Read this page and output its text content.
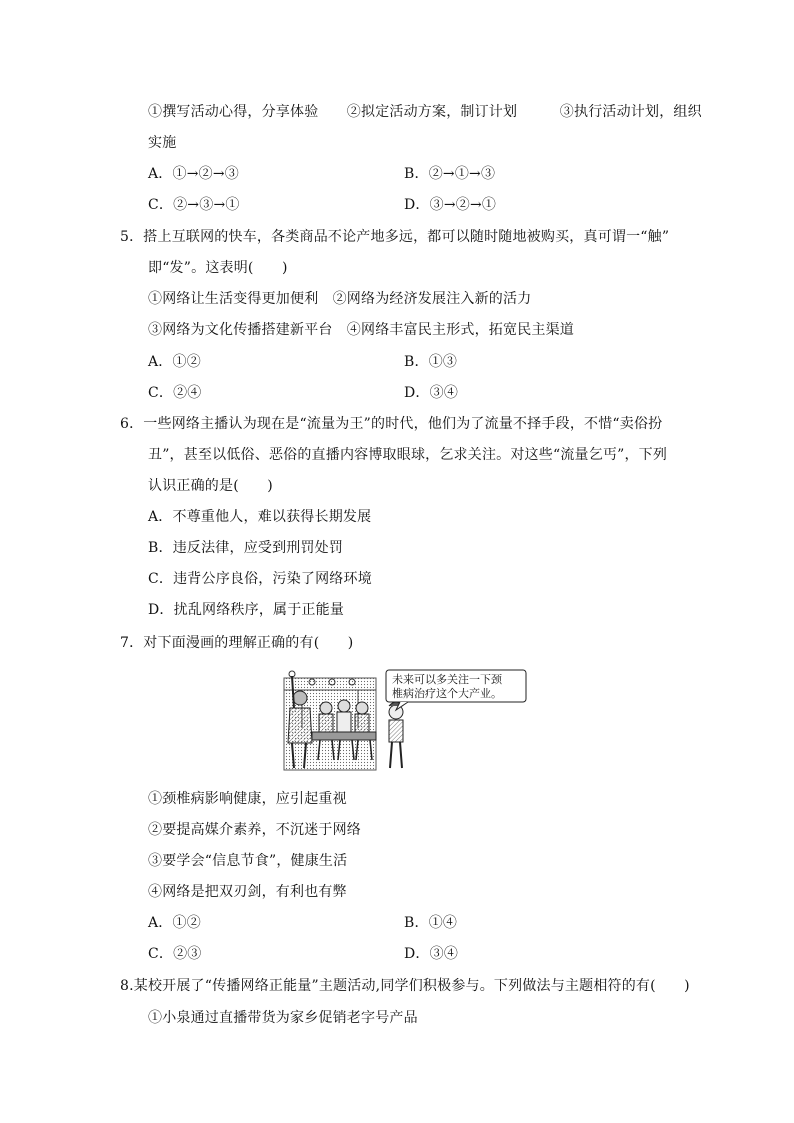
①撰写活动心得，分享体验　　②拟定活动方案，制订计划　　　③执行活动计划，组织
实施
A．①→②→③	B．②→①→③
C．②→③→①	D．③→②→①
5．搭上互联网的快车，各类商品不论产地多远，都可以随时随地被购买，真可谓一“触”
即“发”。这表明(　　)
①网络让生活变得更加便利　②网络为经济发展注入新的活力
③网络为文化传播搭建新平台　④网络丰富民主形式，拓宽民主渠道
A．①②	B．①③
C．②④	D．③④
6．一些网络主播认为现在是“流量为王”的时代，他们为了流量不择手段，不惜“卖俗扮
丑”，甚至以低俗、恶俗的直播内容博取眼球，乞求关注。对这些“流量乞丐”，下列
认识正确的是(　　)
A．不尊重他人，难以获得长期发展
B．违反法律，应受到刑罚处罚
C．违背公序良俗，污染了网络环境
D．扰乱网络秩序，属于正能量
7．对下面漫画的理解正确的有(　　)
未来可以多关注一下颈
椎病治疗这个大产业。
①颈椎病影响健康，应引起重视
②要提高媒介素养，不沉迷于网络
③要学会“信息节食”，健康生活
④网络是把双刃剑，有利也有弊
A．①②	B．①④
C．②③	D．③④
8.某校开展了“传播网络正能量”主题活动,同学们积极参与。下列做法与主题相符的有(　　)
①小泉通过直播带货为家乡促销老字号产品
